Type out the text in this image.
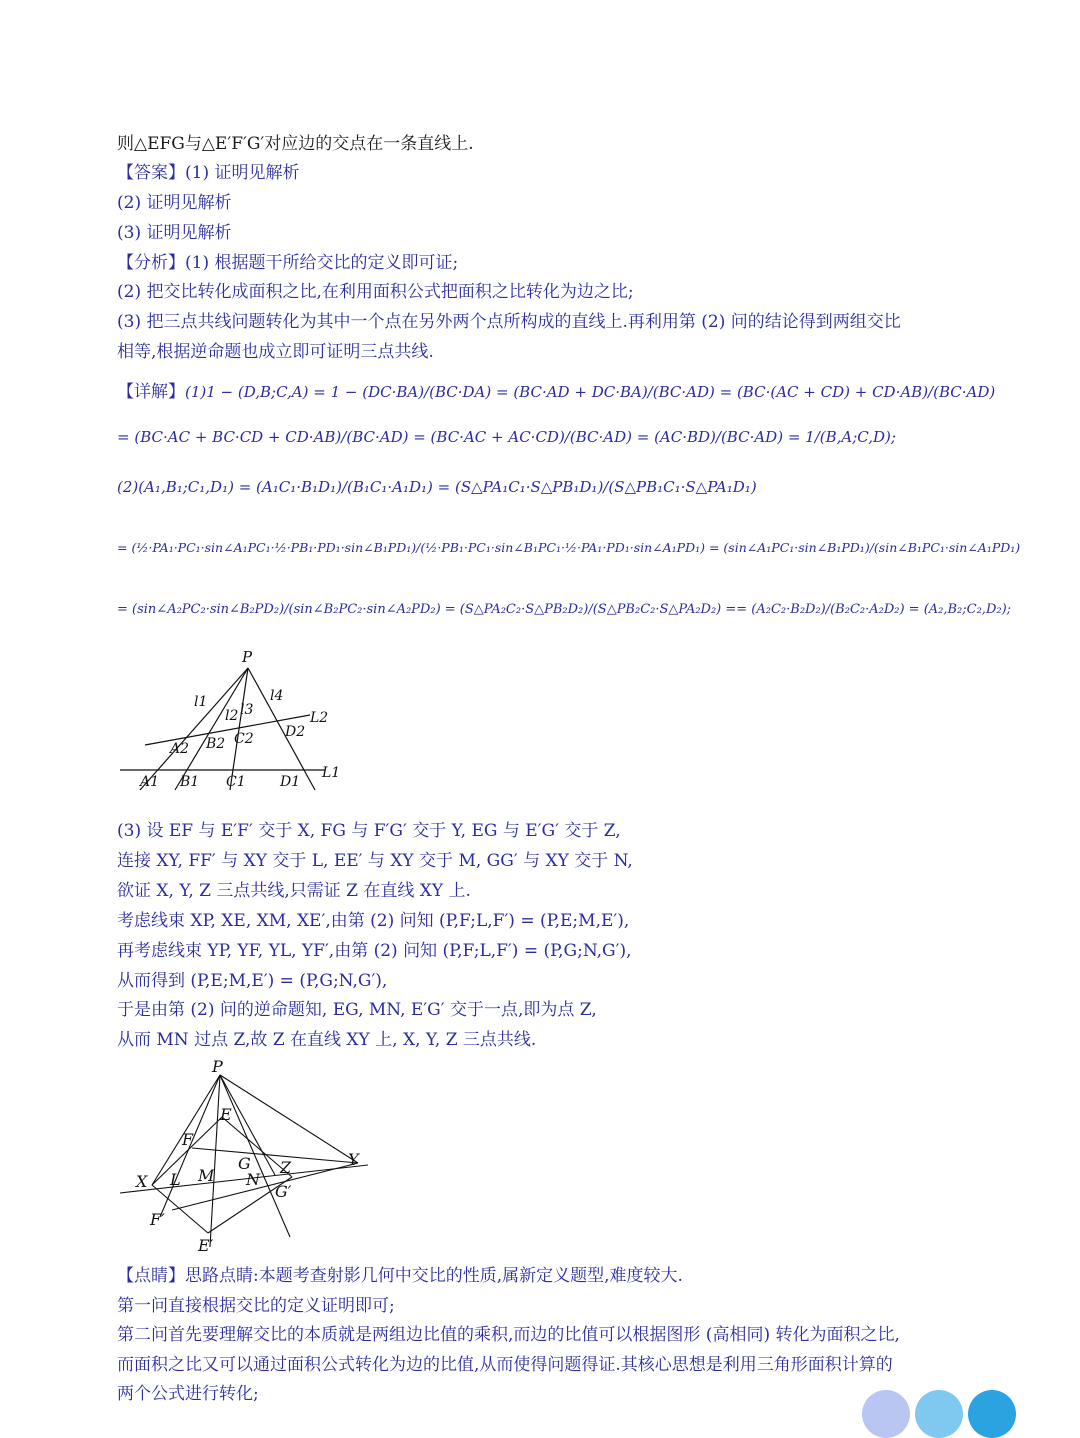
则△EFG与△E′F′G′对应边的交点在一条直线上.
【答案】(1) 证明见解析
(2) 证明见解析
(3) 证明见解析
【分析】(1) 根据题干所给交比的定义即可证;
(2) 把交比转化成面积之比,在利用面积公式把面积之比转化为边之比;
(3) 把三点共线问题转化为其中一个点在另外两个点所构成的直线上.再利用第 (2) 问的结论得到两组交比
相等,根据逆命题也成立即可证明三点共线.
【详解】(1)1 − (D,B;C,A) = 1 − (DC·BA)/(BC·DA) = (BC·AD + DC·BA)/(BC·AD) = (BC·(AC + CD) + CD·AB)/(BC·AD)
= (BC·AC + BC·CD + CD·AB)/(BC·AD) = (BC·AC + AC·CD)/(BC·AD) = (AC·BD)/(BC·AD) = 1/(B,A;C,D);
(2)(A₁,B₁;C₁,D₁) = (A₁C₁·B₁D₁)/(B₁C₁·A₁D₁) = (S△PA₁C₁·S△PB₁D₁)/(S△PB₁C₁·S△PA₁D₁)
= (½·PA₁·PC₁·sin∠A₁PC₁·½·PB₁·PD₁·sin∠B₁PD₁)/(½·PB₁·PC₁·sin∠B₁PC₁·½·PA₁·PD₁·sin∠A₁PD₁) = (sin∠A₁PC₁·sin∠B₁PD₁)/(sin∠B₁PC₁·sin∠A₁PD₁)
= (sin∠A₂PC₂·sin∠B₂PD₂)/(sin∠B₂PC₂·sin∠A₂PD₂) = (S△PA₂C₂·S△PB₂D₂)/(S△PB₂C₂·S△PA₂D₂) == (A₂C₂·B₂D₂)/(B₂C₂·A₂D₂) = (A₂,B₂;C₂,D₂);
P
l1
l2 l3
l4
L2
A2 B2 C2 D2
L1
A1 B1 C1 D1
(3) 设 EF 与 E′F′ 交于 X, FG 与 F′G′ 交于 Y, EG 与 E′G′ 交于 Z,
连接 XY, FF′ 与 XY 交于 L, EE′ 与 XY 交于 M, GG′ 与 XY 交于 N,
欲证 X, Y, Z 三点共线,只需证 Z 在直线 XY 上.
考虑线束 XP, XE, XM, XE′,由第 (2) 问知 (P,F;L,F′) = (P,E;M,E′),
再考虑线束 YP, YF, YL, YF′,由第 (2) 问知 (P,F;L,F′) = (P,G;N,G′),
从而得到 (P,E;M,E′) = (P,G;N,G′),
于是由第 (2) 问的逆命题知, EG, MN, E′G′ 交于一点,即为点 Z,
从而 MN 过点 Z,故 Z 在直线 XY 上, X, Y, Z 三点共线.
P
E
F
G	Y
X L M N
Z
G′
F′
E′
【点睛】思路点睛:本题考查射影几何中交比的性质,属新定义题型,难度较大.
第一问直接根据交比的定义证明即可;
第二问首先要理解交比的本质就是两组边比值的乘积,而边的比值可以根据图形 (高相同) 转化为面积之比,
而面积之比又可以通过面积公式转化为边的比值,从而使得问题得证.其核心思想是利用三角形面积计算的
两个公式进行转化;
